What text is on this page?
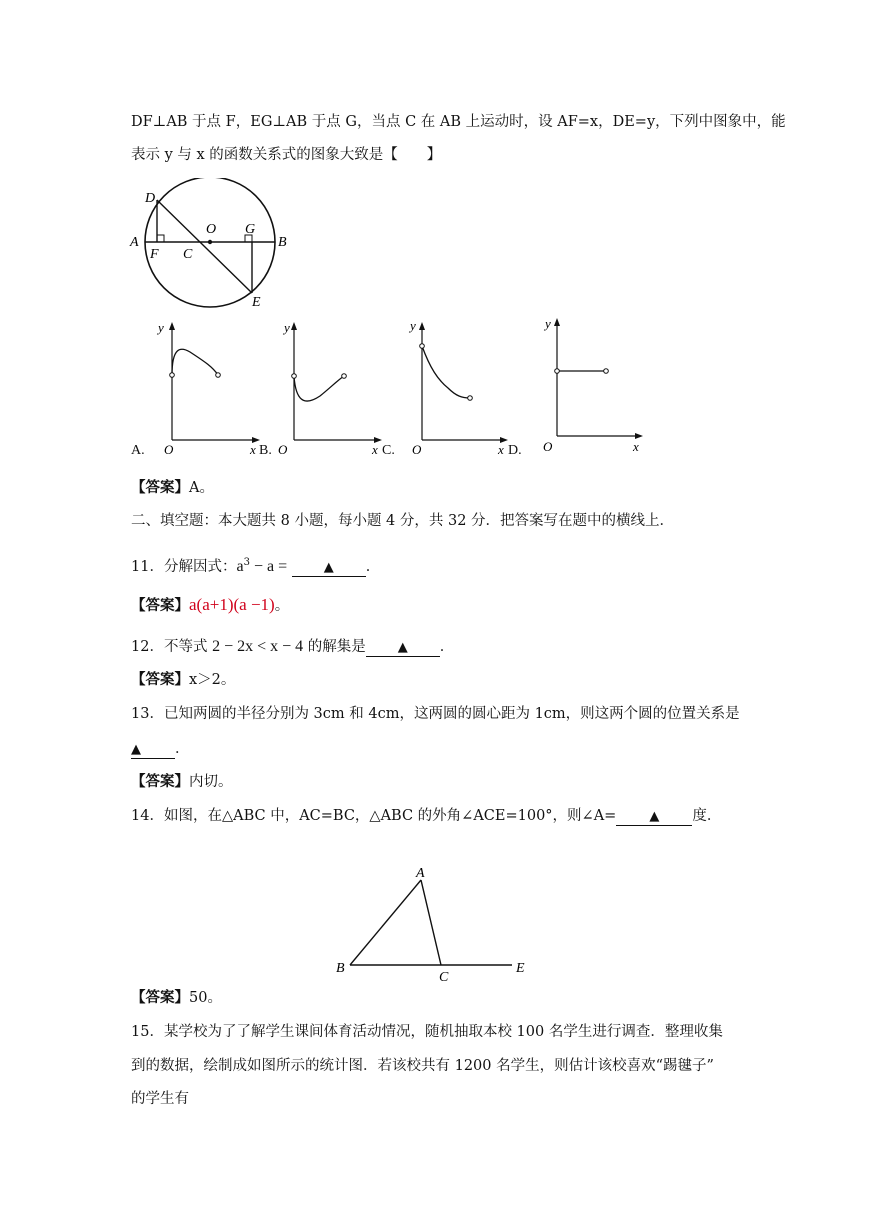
DF⊥AB 于点 F，EG⊥AB 于点 G，当点 C 在 AB 上运动时，设 AF=x，DE=y，下列中图象中，能
表示 y 与 x 的函数关系式的图象大致是【　　】
D
A
F C
O G
B
E
y
O	x
y
O	x
y
O	x
y
O	x
A.	B.	C.	D.
【答案】A。
二、填空题：本大题共 8 小题，每小题 4 分，共 32 分．把答案写在题中的横线上．
11．分解因式：$a^3 - a$ =	▲ ．
【答案】a(a+1)(a −1)。
12．不等式 2 − 2x < x − 4 的解集是 ▲ ．
【答案】x＞2。
13．已知两圆的半径分别为 3cm 和 4cm，这两圆的圆心距为 1cm，则这两个圆的位置关系是
▲ ．
【答案】内切。
14．如图，在△ABC 中，AC=BC，△ABC 的外角∠ACE=100°，则∠A=	▲ 度．
A
B
C
E
【答案】50。
15．某学校为了了解学生课间体育活动情况，随机抽取本校 100 名学生进行调查．整理收集
到的数据，绘制成如图所示的统计图．若该校共有 1200 名学生，则估计该校喜欢“踢毽子”
的学生有
